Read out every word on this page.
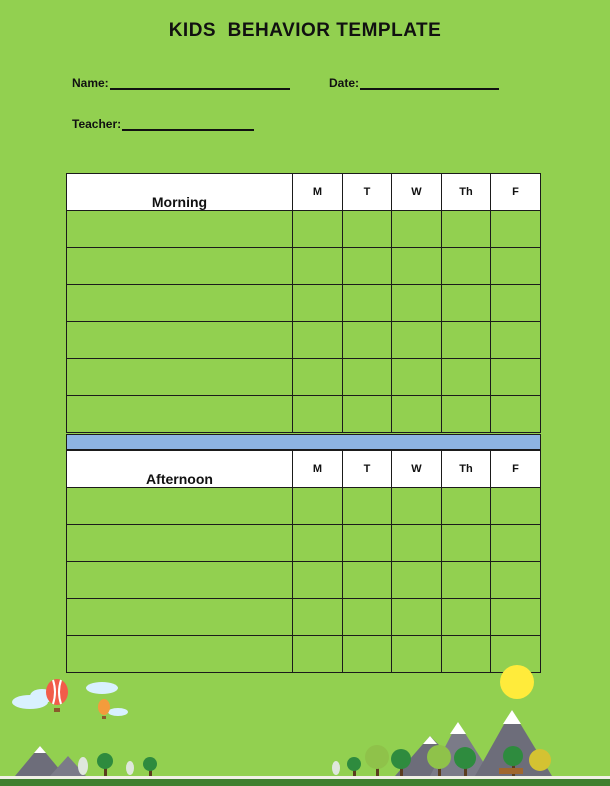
KIDS  BEHAVIOR TEMPLATE
Name:	Date:
Teacher:
Morning	M	T	W	Th	F

Afternoon	M	T	W	Th	F
